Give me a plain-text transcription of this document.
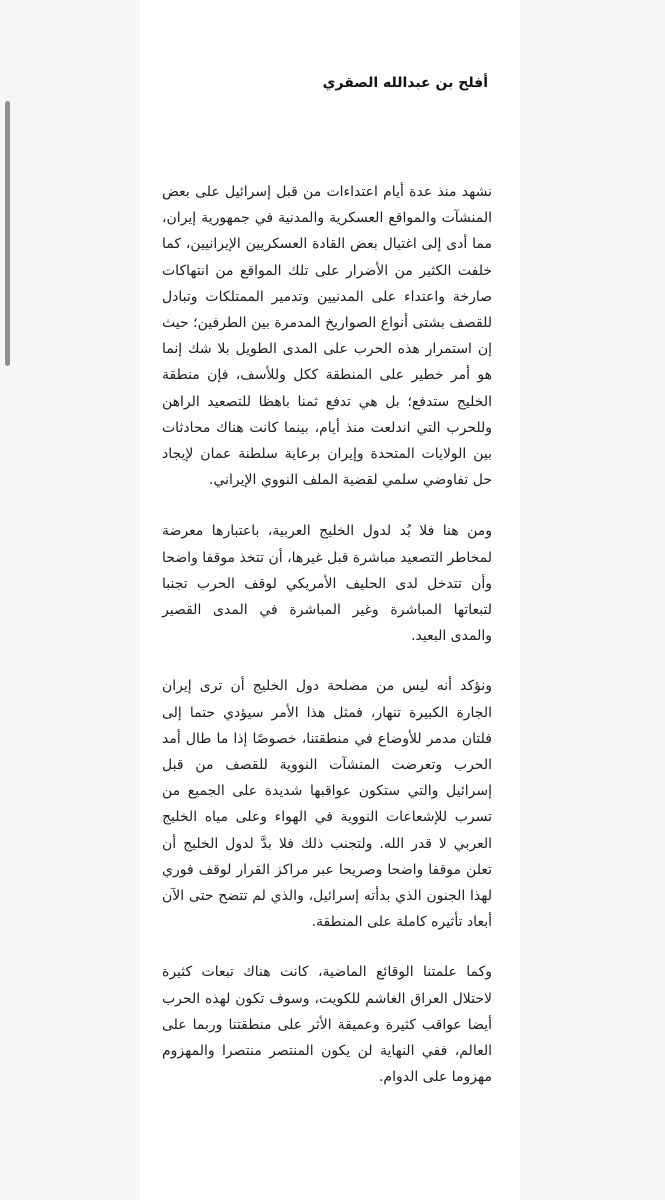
أفلح بن عبدالله الصقري

نشهد منذ عدة أيام اعتداءات من قبل إسرائيل على بعض المنشآت والمواقع العسكرية والمدنية في جمهورية إيران، مما أدى إلى اغتيال بعض القادة العسكريين الإيرانيين، كما خلفت الكثير من الأضرار على تلك المواقع من انتهاكات صارخة واعتداء على المدنيين وتدمير الممتلكات وتبادل للقصف بشتى أنواع الصواريخ المدمرة بين الطرفين؛ حيث إن استمرار هذه الحرب على المدى الطويل بلا شك إنما هو أمر خطير على المنطقة ككل وللأسف، فإن منطقة الخليج ستدفع؛ بل هي تدفع ثمنا باهظا للتصعيد الراهن وللحرب التي اندلعت منذ أيام، بينما كانت هناك محادثات بين الولايات المتحدة وإيران برعاية سلطنة عمان لإيجاد حل تفاوضي سلمي لقضية الملف النووي الإيراني.

ومن هنا فلا بُد لدول الخليج العربية، باعتبارها معرضة لمخاطر التصعيد مباشرة قبل غيرها، أن تتخذ موقفا واضحا وأن تتدخل لدى الحليف الأمريكي لوقف الحرب تجنبا لتبعاتها المباشرة وغير المباشرة في المدى القصير والمدى البعيد.

ونؤكد أنه ليس من مصلحة دول الخليج أن ترى إيران الجارة الكبيرة تنهار، فمثل هذا الأمر سيؤدي حتما إلى فلتان مدمر للأوضاع في منطقتنا، خصوصًا إذا ما طال أمد الحرب وتعرضت المنشآت النووية للقصف من قبل إسرائيل والتي ستكون عواقبها شديدة على الجميع من تسرب للإشعاعات النووية في الهواء وعلى مياه الخليج العربي لا قدر الله. ولتجنب ذلك فلا بدَّ لدول الخليج أن تعلن موقفا واضحا وصريحا عبر مراكز القرار لوقف فوري لهذا الجنون الذي بدأته إسرائيل، والذي لم تتضح حتى الآن أبعاد تأثيره كاملة على المنطقة.

وكما علمتنا الوقائع الماضية، كانت هناك تبعات كثيرة لاحتلال العراق الغاشم للكويت، وسوف تكون لهذه الحرب أيضا عواقب كثيرة وعميقة الأثر على منطقتنا وربما على العالم، ففي النهاية لن يكون المنتصر منتصرا والمهزوم مهزوما على الدوام.
